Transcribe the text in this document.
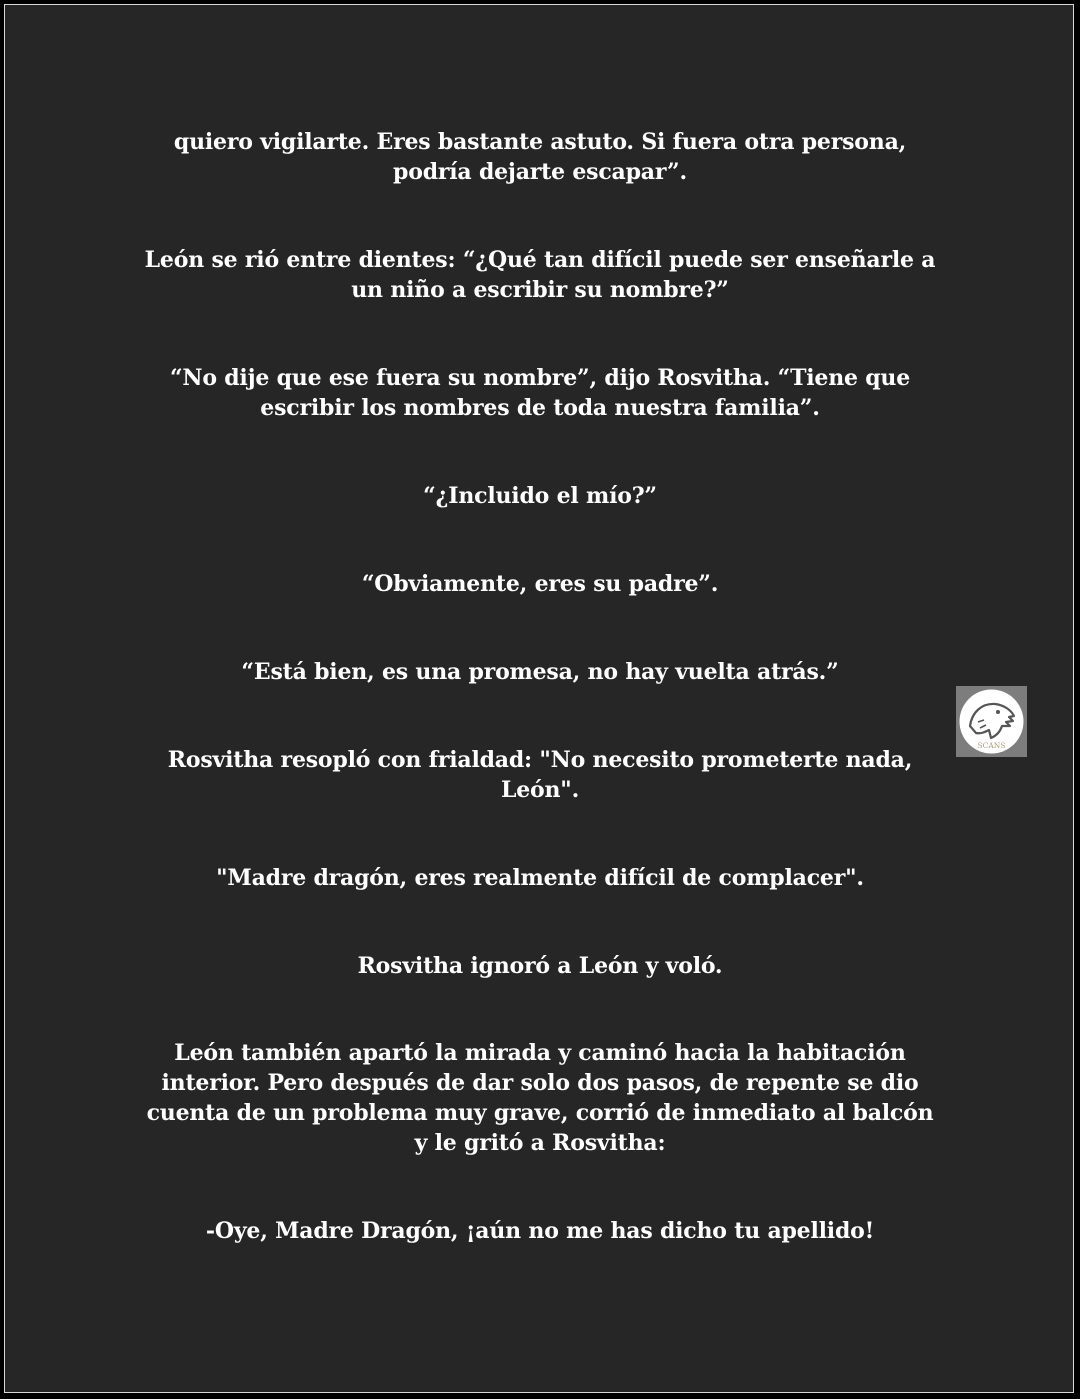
quiero vigilarte. Eres bastante astuto. Si fuera otra persona, podría dejarte escapar”.

León se rió entre dientes: “¿Qué tan difícil puede ser enseñarle a un niño a escribir su nombre?”

“No dije que ese fuera su nombre”, dijo Rosvitha. “Tiene que escribir los nombres de toda nuestra familia”.

“¿Incluido el mío?”

“Obviamente, eres su padre”.

“Está bien, es una promesa, no hay vuelta atrás.”

Rosvitha resopló con frialdad: "No necesito prometerte nada, León".

"Madre dragón, eres realmente difícil de complacer".

Rosvitha ignoró a León y voló.

León también apartó la mirada y caminó hacia la habitación interior. Pero después de dar solo dos pasos, de repente se dio cuenta de un problema muy grave, corrió de inmediato al balcón y le gritó a Rosvitha:

-Oye, Madre Dragón, ¡aún no me has dicho tu apellido!

SCANS
